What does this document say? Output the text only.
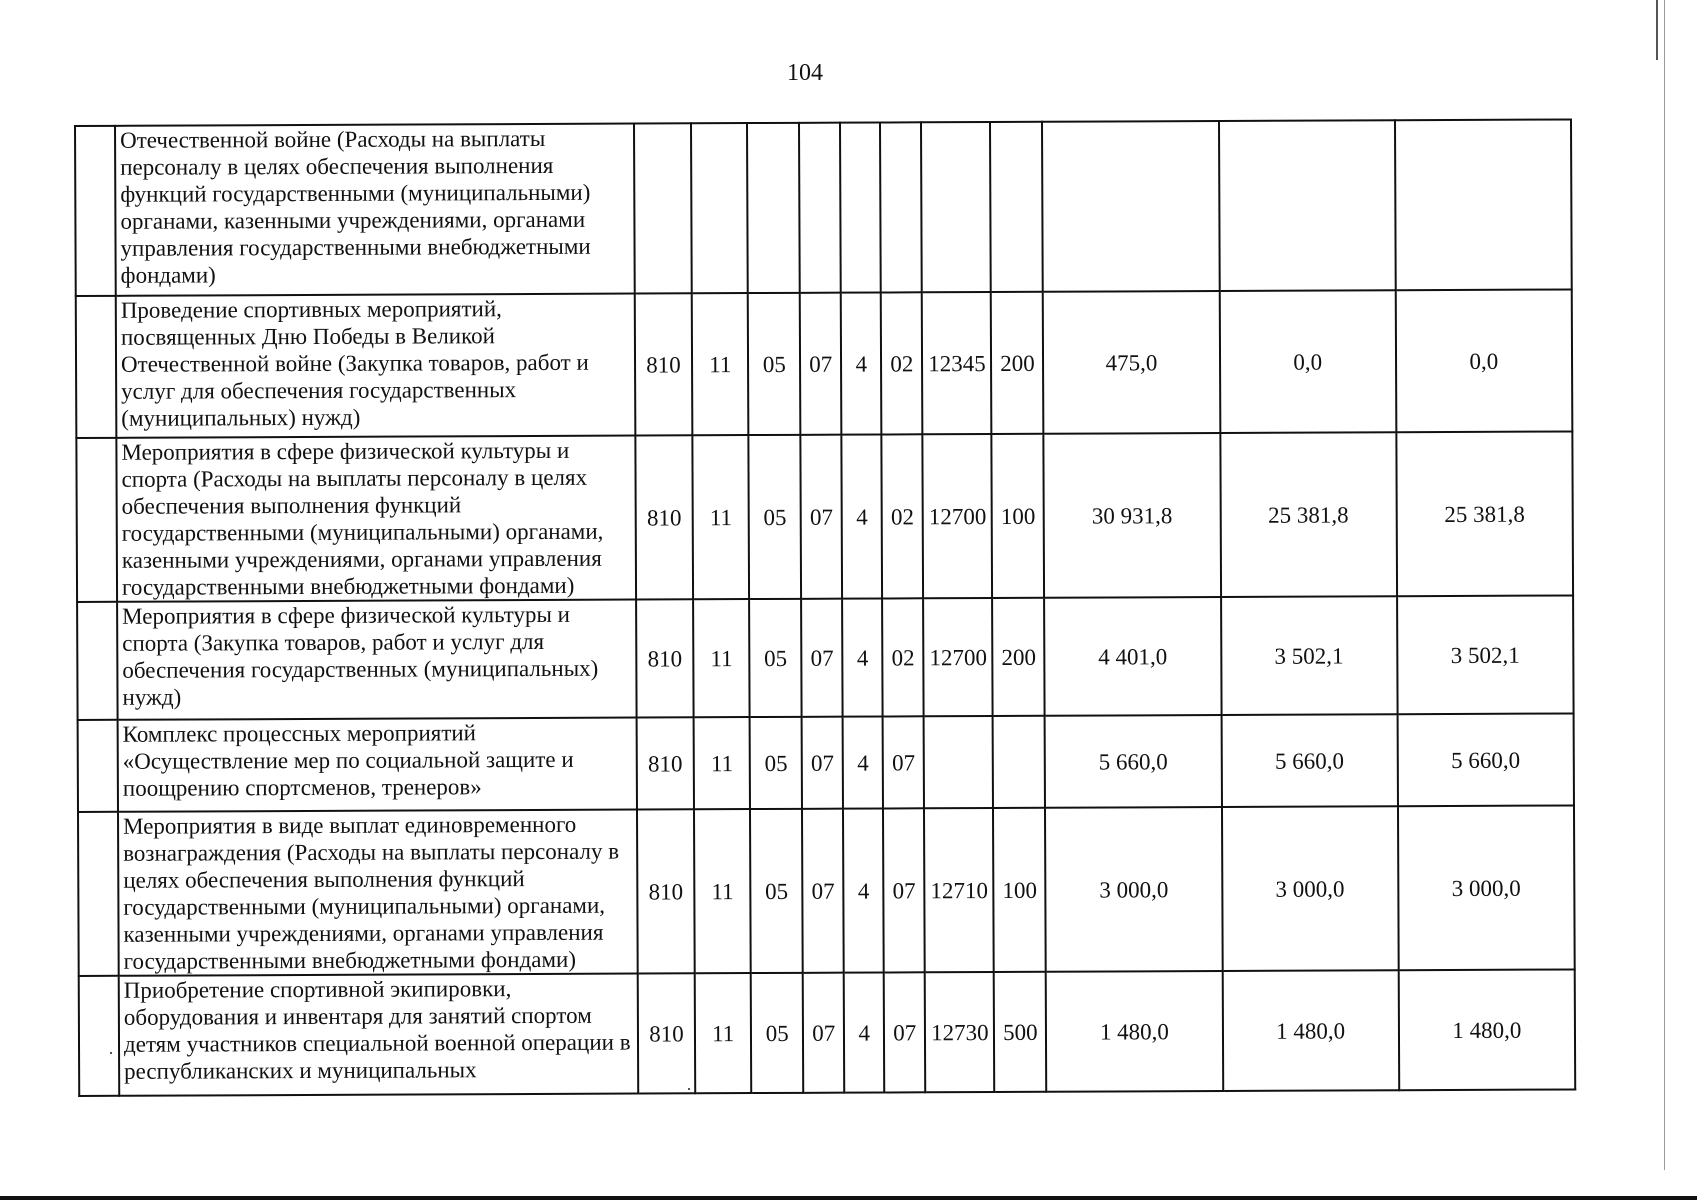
104
	Отечественной войне (Расходы на выплаты персоналу в целях обеспечения выполнения функций государственными (муниципальными) органами, казенными учреждениями, органами управления государственными внебюджетными фондами)											
	Проведение спортивных мероприятий, посвященных Дню Победы в Великой Отечественной войне (Закупка товаров, работ и услуг для обеспечения государственных (муниципальных) нужд)	810	11	05	07	4	02	12345	200	475,0	0,0	0,0
	Мероприятия в сфере физической культуры и спорта (Расходы на выплаты персоналу в целях обеспечения выполнения функций государственными (муниципальными) органами, казенными учреждениями, органами управления государственными внебюджетными фондами)	810	11	05	07	4	02	12700	100	30 931,8	25 381,8	25 381,8
	Мероприятия в сфере физической культуры и спорта (Закупка товаров, работ и услуг для обеспечения государственных (муниципальных) нужд)	810	11	05	07	4	02	12700	200	4 401,0	3 502,1	3 502,1
	Комплекс процессных мероприятий «Осуществление мер по социальной защите и поощрению спортсменов, тренеров»	810	11	05	07	4	07			5 660,0	5 660,0	5 660,0
	Мероприятия в виде выплат единовременного вознаграждения (Расходы на выплаты персоналу в целях обеспечения выполнения функций государственными (муниципальными) органами, казенными учреждениями, органами управления государственными внебюджетными фондами)	810	11	05	07	4	07	12710	100	3 000,0	3 000,0	3 000,0
	Приобретение спортивной экипировки, оборудования и инвентаря для занятий спортом детям участников специальной военной операции в республиканских и муниципальных	810	11	05	07	4	07	12730	500	1 480,0	1 480,0	1 480,0
